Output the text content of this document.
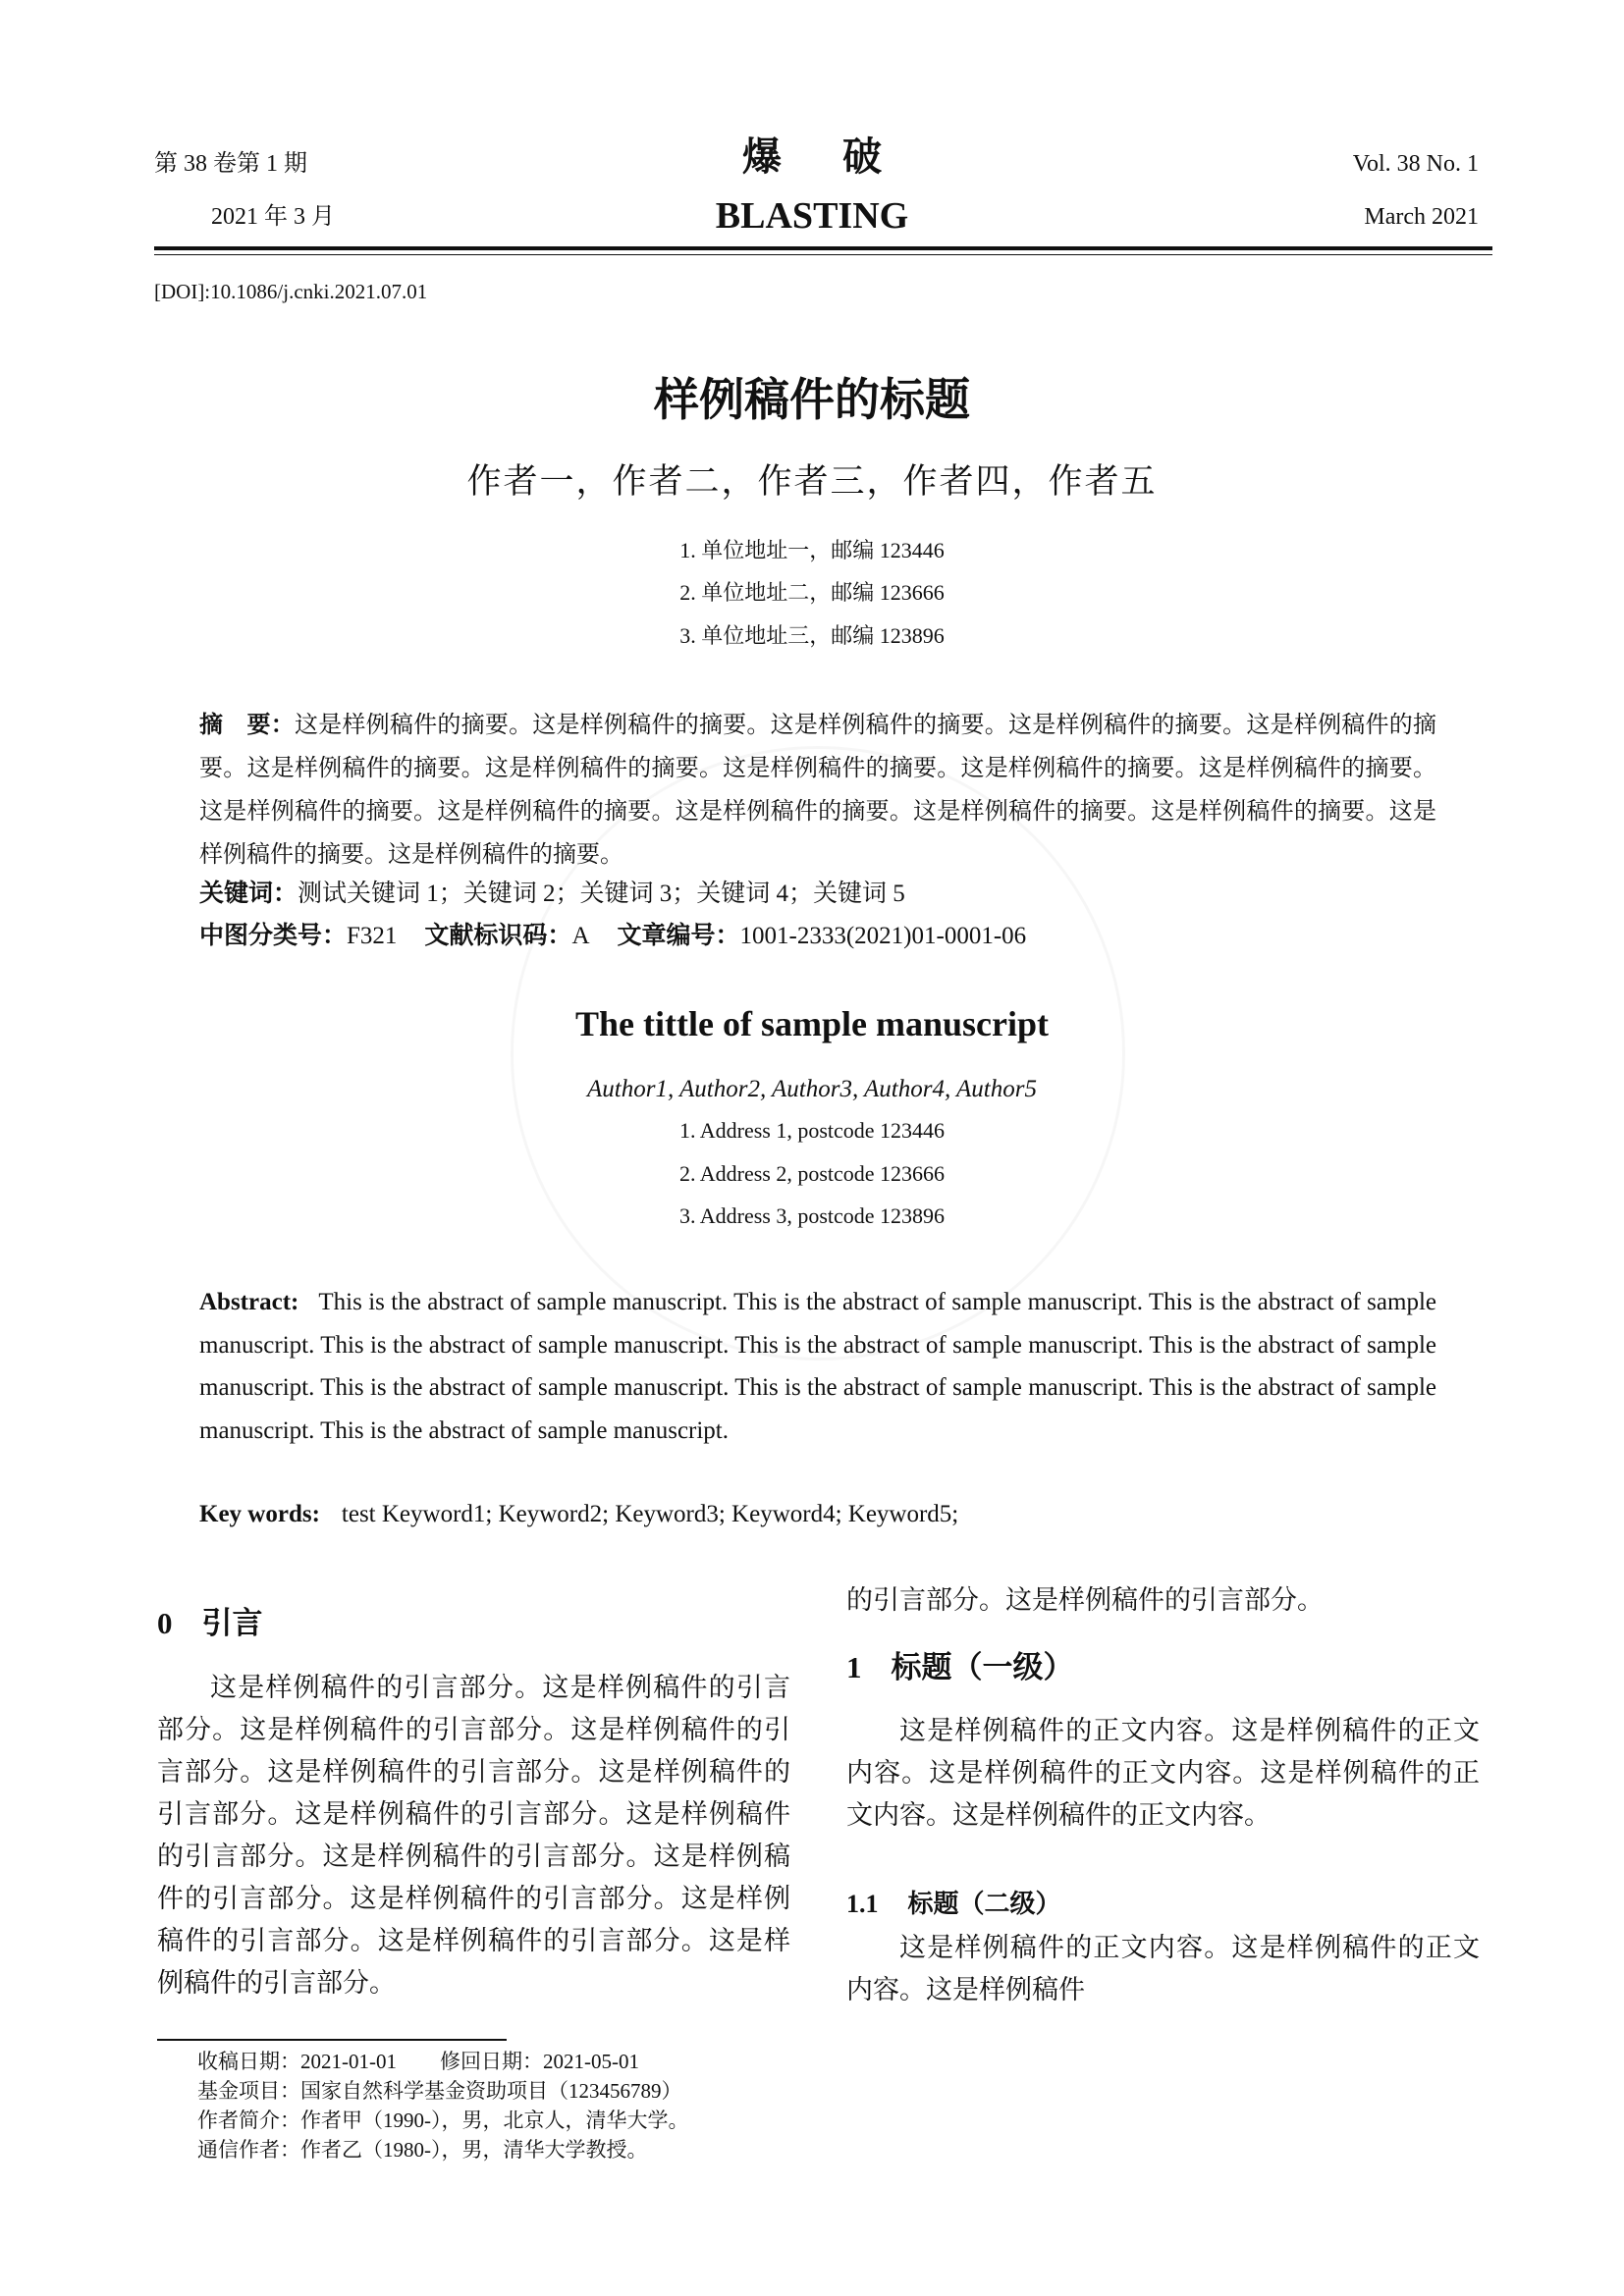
第 38 卷第 1 期
2021 年 3 月
爆破
BLASTING
Vol. 38 No. 1
March 2021
[DOI]:10.1086/j.cnki.2021.07.01
样例稿件的标题
作者一，作者二，作者三，作者四，作者五
1. 单位地址一，邮编 123446
2. 单位地址二，邮编 123666
3. 单位地址三，邮编 123896
摘　要：这是样例稿件的摘要。这是样例稿件的摘要。这是样例稿件的摘要。这是样例稿件的摘要。这是样例稿件的摘要。这是样例稿件的摘要。这是样例稿件的摘要。这是样例稿件的摘要。这是样例稿件的摘要。这是样例稿件的摘要。这是样例稿件的摘要。这是样例稿件的摘要。这是样例稿件的摘要。这是样例稿件的摘要。这是样例稿件的摘要。这是样例稿件的摘要。这是样例稿件的摘要。
关键词：测试关键词 1；关键词 2；关键词 3；关键词 4；关键词 5
中图分类号：F321 文献标识码：A 文章编号：1001-2333(2021)01-0001-06
The tittle of sample manuscript
Author1, Author2, Author3, Author4, Author5
1. Address 1, postcode 123446
2. Address 2, postcode 123666
3. Address 3, postcode 123896
Abstract: This is the abstract of sample manuscript. This is the abstract of sample manuscript. This is the abstract of sample manuscript. This is the abstract of sample manuscript. This is the abstract of sample manuscript. This is the abstract of sample manuscript. This is the abstract of sample manuscript. This is the abstract of sample manuscript. This is the abstract of sample manuscript. This is the abstract of sample manuscript.
Key words: test Keyword1; Keyword2; Keyword3; Keyword4; Keyword5;
0 引言
这是样例稿件的引言部分。这是样例稿件的引言部分。这是样例稿件的引言部分。这是样例稿件的引言部分。这是样例稿件的引言部分。这是样例稿件的引言部分。这是样例稿件的引言部分。这是样例稿件的引言部分。这是样例稿件的引言部分。这是样例稿件的引言部分。这是样例稿件的引言部分。这是样例稿件的引言部分。这是样例稿件的引言部分。这是样例稿件的引言部分。
的引言部分。这是样例稿件的引言部分。
1 标题（一级）
这是样例稿件的正文内容。这是样例稿件的正文内容。这是样例稿件的正文内容。这是样例稿件的正文内容。这是样例稿件的正文内容。
1.1 标题（二级）
这是样例稿件的正文内容。这是样例稿件的正文内容。这是样例稿件
收稿日期：2021-01-01 修回日期：2021-05-01
基金项目：国家自然科学基金资助项目（123456789）
作者简介：作者甲（1990-），男，北京人，清华大学。
通信作者：作者乙（1980-），男，清华大学教授。
